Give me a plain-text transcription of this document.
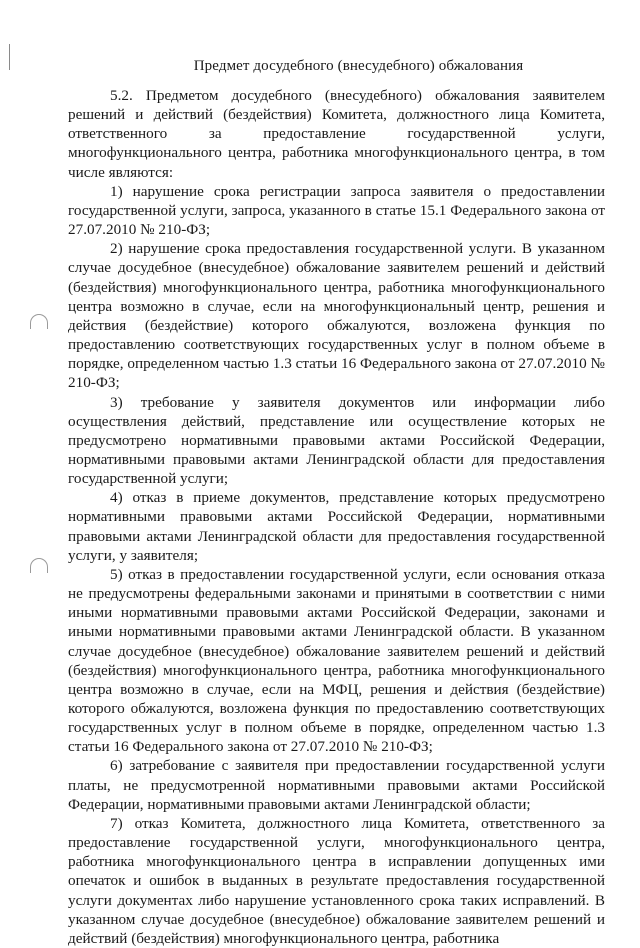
Предмет досудебного (внесудебного) обжалования

5.2. Предметом досудебного (внесудебного) обжалования заявителем решений и действий (бездействия) Комитета, должностного лица Комитета, ответственного за предоставление государственной услуги, многофункционального центра, работника многофункционального центра, в том числе являются:

1) нарушение срока регистрации запроса заявителя о предоставлении государственной услуги, запроса, указанного в статье 15.1 Федерального закона от 27.07.2010 № 210-ФЗ;

2) нарушение срока предоставления государственной услуги. В указанном случае досудебное (внесудебное) обжалование заявителем решений и действий (бездействия) многофункционального центра, работника многофункционального центра возможно в случае, если на многофункциональный центр, решения и действия (бездействие) которого обжалуются, возложена функция по предоставлению соответствующих государственных услуг в полном объеме в порядке, определенном частью 1.3 статьи 16 Федерального закона от 27.07.2010 № 210-ФЗ;

3) требование у заявителя документов или информации либо осуществления действий, представление или осуществление которых не предусмотрено нормативными правовыми актами Российской Федерации, нормативными правовыми актами Ленинградской области для предоставления государственной услуги;

4) отказ в приеме документов, представление которых предусмотрено нормативными правовыми актами Российской Федерации, нормативными правовыми актами Ленинградской области для предоставления государственной услуги, у заявителя;

5) отказ в предоставлении государственной услуги, если основания отказа не предусмотрены федеральными законами и принятыми в соответствии с ними иными нормативными правовыми актами Российской Федерации, законами и иными нормативными правовыми актами Ленинградской области. В указанном случае досудебное (внесудебное) обжалование заявителем решений и действий (бездействия) многофункционального центра, работника многофункционального центра возможно в случае, если на МФЦ, решения и действия (бездействие) которого обжалуются, возложена функция по предоставлению соответствующих государственных услуг в полном объеме в порядке, определенном частью 1.3 статьи 16 Федерального закона от 27.07.2010 № 210-ФЗ;

6) затребование с заявителя при предоставлении государственной услуги платы, не предусмотренной нормативными правовыми актами Российской Федерации, нормативными правовыми актами Ленинградской области;

7) отказ Комитета, должностного лица Комитета, ответственного за предоставление государственной услуги, многофункционального центра, работника многофункционального центра в исправлении допущенных ими опечаток и ошибок в выданных в результате предоставления государственной услуги документах либо нарушение установленного срока таких исправлений. В указанном случае досудебное (внесудебное) обжалование заявителем решений и действий (бездействия) многофункционального центра, работника
